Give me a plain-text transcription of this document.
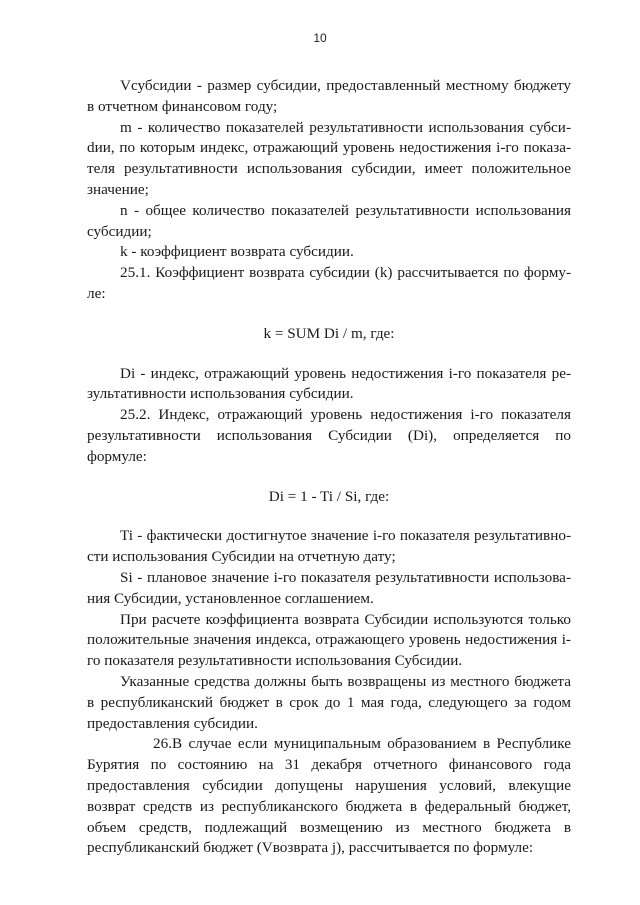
10

Vсубсидии - размер субсидии, предоставленный местному бюджету в отчетном финансовом году;

m - количество показателей результативности использования субсиdии, по которым индекс, отражающий уровень недостижения i-го показателя результативности использования субсидии, имеет положительное значение;

n - общее количество показателей результативности использования субсидии;

k - коэффициент возврата субсидии.

25.1. Коэффициент возврата субсидии (k) рассчитывается по формуле:

k = SUM Di / m, где:

Di - индекс, отражающий уровень недостижения i-го показателя результативности использования субсидии.

25.2. Индекс, отражающий уровень недостижения i-го показателя результативности использования Субсидии (Di), определяется по формуле:

Di = 1 - Ti / Si, где:

Ti - фактически достигнутое значение i-го показателя результативности использования Субсидии на отчетную дату;

Si - плановое значение i-го показателя результативности использования Субсидии, установленное соглашением.

При расчете коэффициента возврата Субсидии используются только положительные значения индекса, отражающего уровень недостижения i-го показателя результативности использования Субсидии.

Указанные средства должны быть возвращены из местного бюджета в республиканский бюджет в срок до 1 мая года, следующего за годом предоставления субсидии.

26.В случае если муниципальным образованием в Республике Бурятия по состоянию на 31 декабря отчетного финансового года предоставления субсидии допущены нарушения условий, влекущие возврат средств из республиканского бюджета в федеральный бюджет, объем средств, подлежащий возмещению из местного бюджета в республиканский бюджет (Vвозврата j), рассчитывается по формуле:
